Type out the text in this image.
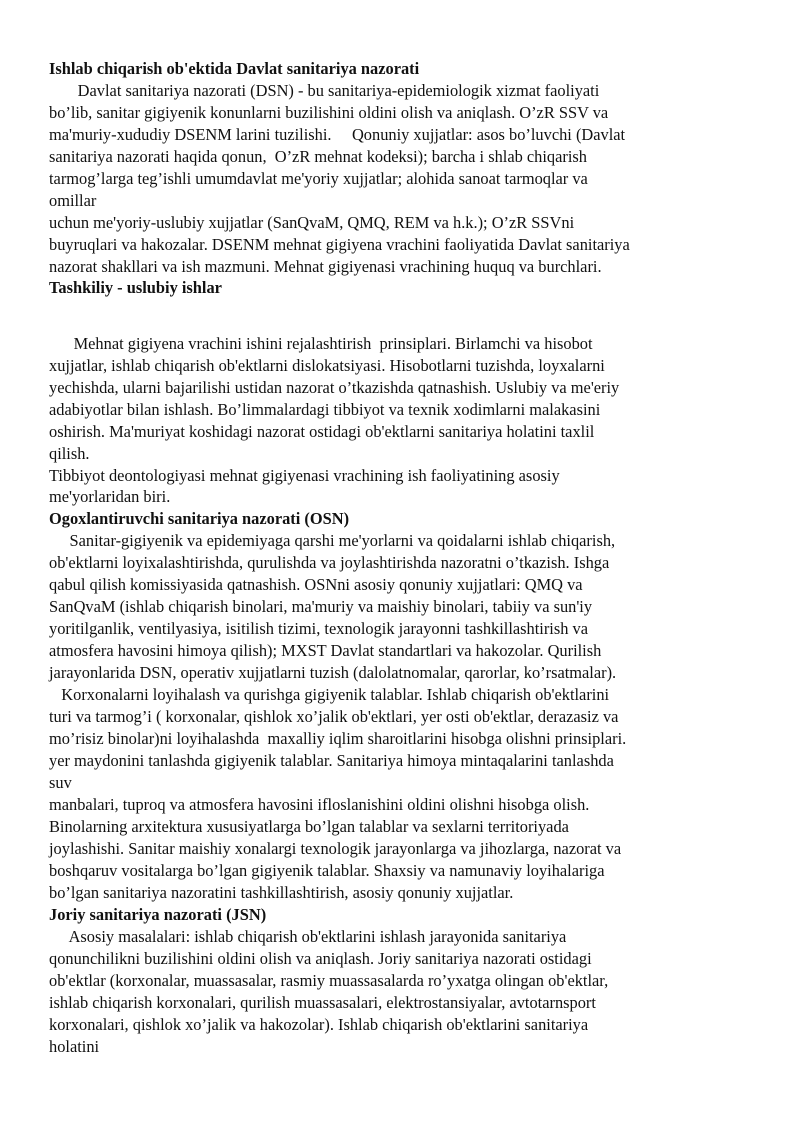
Ishlab chiqarish ob'ektida Davlat sanitariya nazorati
Davlat sanitariya nazorati (DSN) - bu sanitariya-epidemiologik xizmat faoliyati
bo’lib, sanitar gigiyenik konunlarni buzilishini oldini olish va aniqlash. O’zR SSV va
ma'muriy-xududiy DSENM larini tuzilishi.     Qonuniy xujjatlar: asos bo’luvchi (Davlat
sanitariya nazorati haqida qonun,  O’zR mehnat kodeksi); barcha i shlab chiqarish
tarmog’larga teg’ishli umumdavlat me'yoriy xujjatlar; alohida sanoat tarmoqlar va
omillar
uchun me'yoriy-uslubiy xujjatlar (SanQvaM, QMQ, REM va h.k.); O’zR SSVni
buyruqlari va hakozalar. DSENM mehnat gigiyena vrachini faoliyatida Davlat sanitariya
nazorat shakllari va ish mazmuni. Mehnat gigiyenasi vrachining huquq va burchlari.
Tashkiliy - uslubiy ishlar
Mehnat gigiyena vrachini ishini rejalashtirish  prinsiplari. Birlamchi va hisobot
xujjatlar, ishlab chiqarish ob'ektlarni dislokatsiyasi. Hisobotlarni tuzishda, loyxalarni
yechishda, ularni bajarilishi ustidan nazorat o’tkazishda qatnashish. Uslubiy va me'eriy
adabiyotlar bilan ishlash. Bo’limmalardagi tibbiyot va texnik xodimlarni malakasini
oshirish. Ma'muriyat koshidagi nazorat ostidagi ob'ektlarni sanitariya holatini taxlil
qilish.
Tibbiyot deontologiyasi mehnat gigiyenasi vrachining ish faoliyatining asosiy
me'yorlaridan biri.
Ogoxlantiruvchi sanitariya nazorati (OSN)
Sanitar-gigiyenik va epidemiyaga qarshi me'yorlarni va qoidalarni ishlab chiqarish,
ob'ektlarni loyixalashtirishda, qurulishda va joylashtirishda nazoratni o’tkazish. Ishga
qabul qilish komissiyasida qatnashish. OSNni asosiy qonuniy xujjatlari: QMQ va
SanQvaM (ishlab chiqarish binolari, ma'muriy va maishiy binolari, tabiiy va sun'iy
yoritilganlik, ventilyasiya, isitilish tizimi, texnologik jarayonni tashkillashtirish va
atmosfera havosini himoya qilish); MXST Davlat standartlari va hakozolar. Qurilish
jarayonlarida DSN, operativ xujjatlarni tuzish (dalolatnomalar, qarorlar, ko’rsatmalar).
Korxonalarni loyihalash va qurishga gigiyenik talablar. Ishlab chiqarish ob'ektlarini
turi va tarmog’i ( korxonalar, qishlok xo’jalik ob'ektlari, yer osti ob'ektlar, derazasiz va
mo’risiz binolar)ni loyihalashda  maxalliy iqlim sharoitlarini hisobga olishni prinsiplari.
yer maydonini tanlashda gigiyenik talablar. Sanitariya himoya mintaqalarini tanlashda
suv
manbalari, tuproq va atmosfera havosini ifloslanishini oldini olishni hisobga olish.
Binolarning arxitektura xususiyatlarga bo’lgan talablar va sexlarni territoriyada
joylashishi. Sanitar maishiy xonalargi texnologik jarayonlarga va jihozlarga, nazorat va
boshqaruv vositalarga bo’lgan gigiyenik talablar. Shaxsiy va namunaviy loyihalariga
bo’lgan sanitariya nazoratini tashkillashtirish, asosiy qonuniy xujjatlar.
Joriy sanitariya nazorati (JSN)
Asosiy masalalari: ishlab chiqarish ob'ektlarini ishlash jarayonida sanitariya
qonunchilikni buzilishini oldini olish va aniqlash. Joriy sanitariya nazorati ostidagi
ob'ektlar (korxonalar, muassasalar, rasmiy muassasalarda ro’yxatga olingan ob'ektlar,
ishlab chiqarish korxonalari, qurilish muassasalari, elektrostansiyalar, avtotarnsport
korxonalari, qishlok xo’jalik va hakozolar). Ishlab chiqarish ob'ektlarini sanitariya
holatini
